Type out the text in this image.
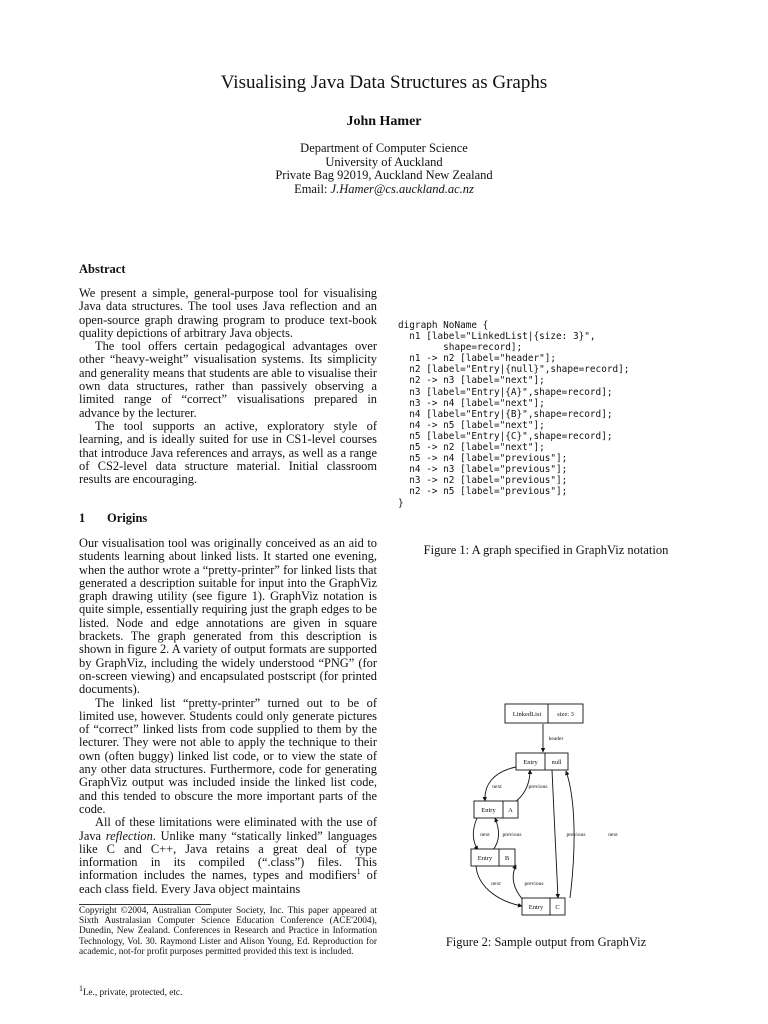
Visualising Java Data Structures as Graphs
John Hamer
Department of Computer Science
University of Auckland
Private Bag 92019, Auckland New Zealand
Email: J.Hamer@cs.auckland.ac.nz
Abstract

We present a simple, general-purpose tool for visualising Java data structures. The tool uses Java reflection and an open-source graph drawing program to produce text-book quality depictions of arbitrary Java objects.

The tool offers certain pedagogical advantages over other “heavy-weight” visualisation systems. Its simplicity and generality means that students are able to visualise their own data structures, rather than passively observing a limited range of “correct” visualisations prepared in advance by the lecturer.

The tool supports an active, exploratory style of learning, and is ideally suited for use in CS1-level courses that introduce Java references and arrays, as well as a range of CS2-level data structure material. Initial classroom results are encouraging.

1 Origins

Our visualisation tool was originally conceived as an aid to students learning about linked lists. It started one evening, when the author wrote a “pretty-printer” for linked lists that generated a description suitable for input into the GraphViz graph drawing utility (see figure 1). GraphViz notation is quite simple, essentially requiring just the graph edges to be listed. Node and edge annotations are given in square brackets. The graph generated from this description is shown in figure 2. A variety of output formats are supported by GraphViz, including the widely understood “PNG” (for on-screen viewing) and encapsulated postscript (for printed documents).

The linked list “pretty-printer” turned out to be of limited use, however. Students could only generate pictures of “correct” linked lists from code supplied to them by the lecturer. They were not able to apply the technique to their own (often buggy) linked list code, or to view the state of any other data structures. Furthermore, code for generating GraphViz output was included inside the linked list code, and this tended to obscure the more important parts of the code.

All of these limitations were eliminated with the use of Java reflection. Unlike many “statically linked” languages like C and C++, Java retains a great deal of type information in its compiled (“.class”) files. This information includes the names, types and modifiers$^1$ of each class field. Every Java object maintains

Copyright ©2004, Australian Computer Society, Inc. This paper appeared at Sixth Australasian Computer Science Education Conference (ACE'2004), Dunedin, New Zealand. Conferences in Research and Practice in Information Technology, Vol. 30. Raymond Lister and Alison Young, Ed. Reproduction for academic, not-for profit purposes permitted provided this text is included.
$^1$I.e., private, protected, etc.
digraph NoName {
n1 [label="LinkedList|{size: 3}",
shape=record];
n1 -> n2 [label="header"];
n2 [label="Entry|{null}",shape=record];
n2 -> n3 [label="next"];
n3 [label="Entry|{A}",shape=record];
n3 -> n4 [label="next"];
n4 [label="Entry|{B}",shape=record];
n4 -> n5 [label="next"];
n5 [label="Entry|{C}",shape=record];
n5 -> n2 [label="next"];
n5 -> n4 [label="previous"];
n4 -> n3 [label="previous"];
n3 -> n2 [label="previous"];
n2 -> n5 [label="previous"];
}
Figure 1: A graph specified in GraphViz notation
LinkedList size: 3
Entry null
Entry A
Entry B
Entry C
header
next	previous
next previous
next	previous
previous	next
Figure 2: Sample output from GraphViz
